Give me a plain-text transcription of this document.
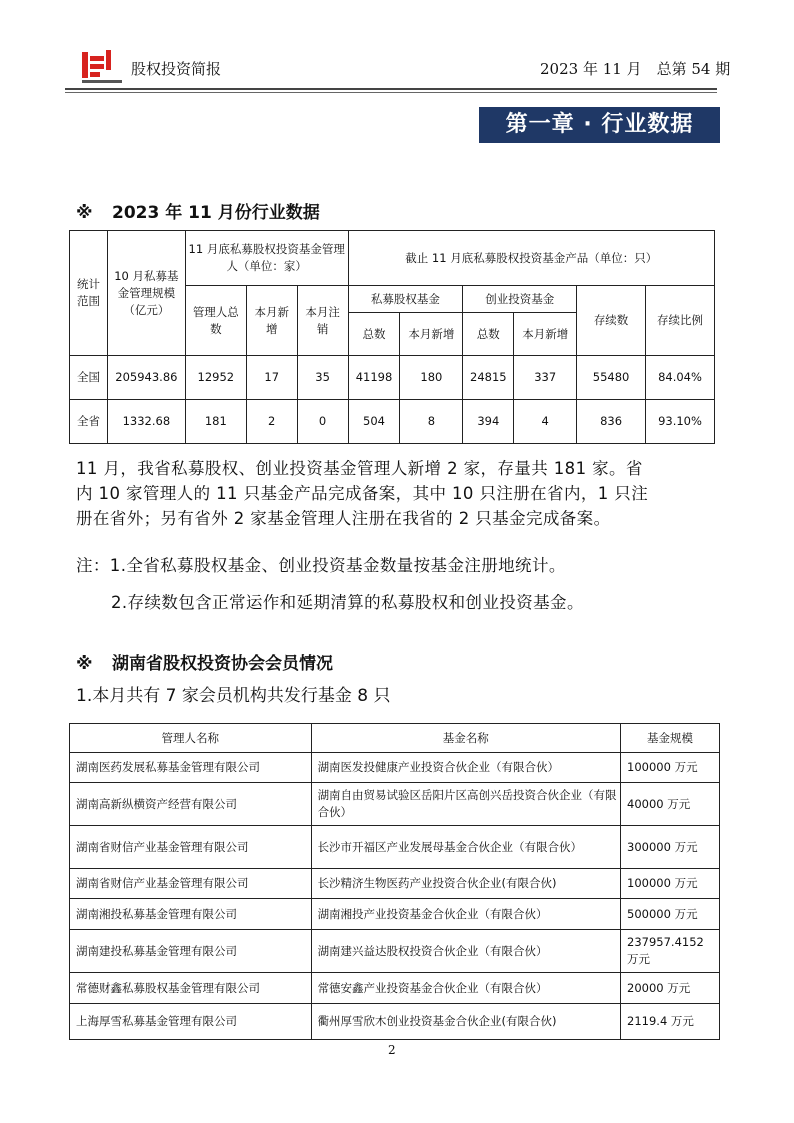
股权投资简报	2023 年 11 月　总第 54 期
第一章 · 行业数据
※ 2023 年 11 月份行业数据
统计范围	10 月私募基金管理规模（亿元）	11 月底私募股权投资基金管理人（单位：家）			截止 11 月底私募股权投资基金产品（单位：只）					
		管理人总数	本月新增	本月注销	私募股权基金		创业投资基金		存续数	存续比例
					总数	本月新增	总数	本月新增		
全国	205943.86	12952	17	35	41198	180	24815	337	55480	84.04%
全省	1332.68	181	2	0	504	8	394	4	836	93.10%
11 月，我省私募股权、创业投资基金管理人新增 2 家，存量共 181 家。省
内 10 家管理人的 11 只基金产品完成备案，其中 10 只注册在省内，1 只注
册在省外；另有省外 2 家基金管理人注册在我省的 2 只基金完成备案。
注：1.全省私募股权基金、创业投资基金数量按基金注册地统计。
2.存续数包含正常运作和延期清算的私募股权和创业投资基金。
※ 湖南省股权投资协会会员情况
1.本月共有 7 家会员机构共发行基金 8 只
管理人名称	基金名称	基金规模
湖南医药发展私募基金管理有限公司	湖南医发投健康产业投资合伙企业（有限合伙）	100000 万元
湖南高新纵横资产经营有限公司	湖南自由贸易试验区岳阳片区高创兴岳投资合伙企业（有限合伙）	40000 万元
湖南省财信产业基金管理有限公司	长沙市开福区产业发展母基金合伙企业（有限合伙）	300000 万元
湖南省财信产业基金管理有限公司	长沙精济生物医药产业投资合伙企业(有限合伙)	100000 万元
湖南湘投私募基金管理有限公司	湖南湘投产业投资基金合伙企业（有限合伙）	500000 万元
湖南建投私募基金管理有限公司	湖南建兴益达股权投资合伙企业（有限合伙）	237957.4152 万元
常德财鑫私募股权基金管理有限公司	常德安鑫产业投资基金合伙企业（有限合伙）	20000 万元
上海厚雪私募基金管理有限公司	衢州厚雪欣木创业投资基金合伙企业(有限合伙)	2119.4 万元
2
